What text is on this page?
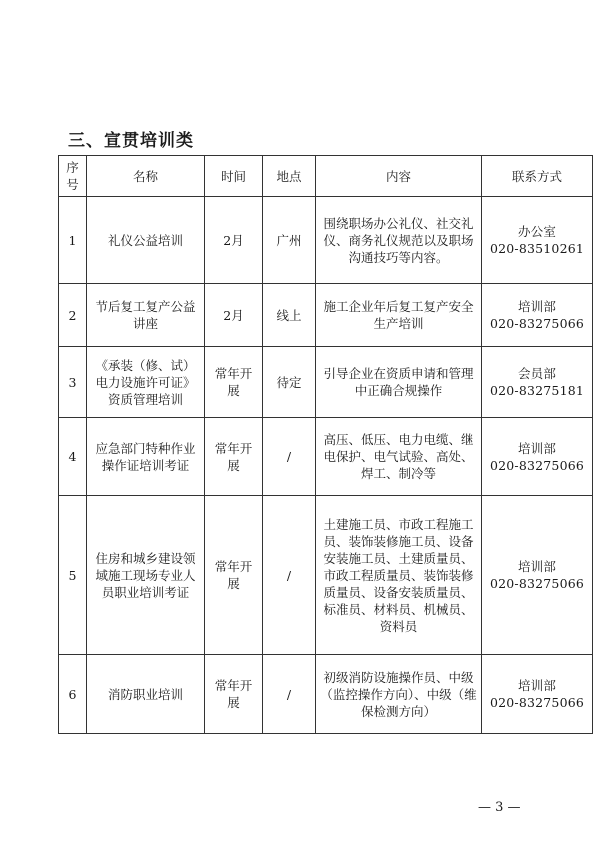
三、宣贯培训类
序号	名称	时间	地点	内容	联系方式
1	礼仪公益培训	2月	广州	围绕职场办公礼仪、社交礼仪、商务礼仪规范以及职场沟通技巧等内容。	办公室
020-83510261

2	节后复工复产公益讲座	2月	线上	施工企业年后复工复产安全生产培训	培训部
020-83275066

3	《承装（修、试）电力设施许可证》资质管理培训	常年开展	待定	引导企业在资质申请和管理中正确合规操作	会员部
020-83275181

4	应急部门特种作业操作证培训考证	常年开展	/	高压、低压、电力电缆、继电保护、电气试验、高处、焊工、制冷等	培训部
020-83275066

5	住房和城乡建设领域施工现场专业人员职业培训考证	常年开展	/	土建施工员、市政工程施工员、装饰装修施工员、设备安装施工员、土建质量员、市政工程质量员、装饰装修质量员、设备安装质量员、标准员、材料员、机械员、资料员	培训部
020-83275066

6	消防职业培训	常年开展	/	初级消防设施操作员、中级（监控操作方向）、中级（维保检测方向）	培训部
020-83275066
— 3 —
